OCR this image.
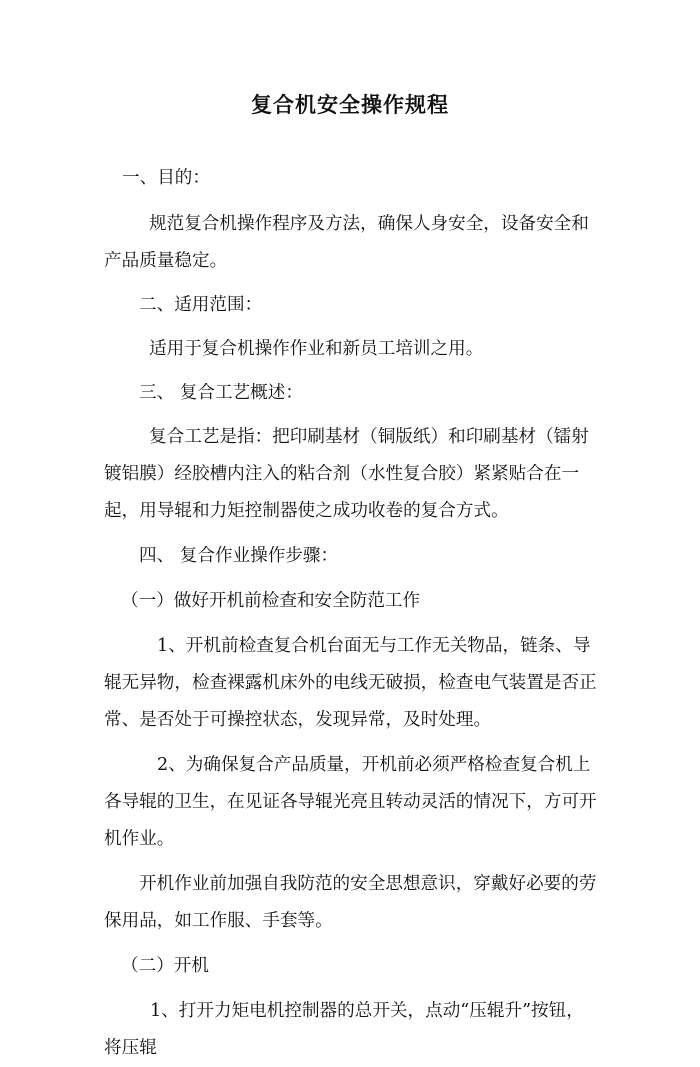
复合机安全操作规程

一、目的：

规范复合机操作程序及方法，确保人身安全，设备安全和产品质量稳定。

二、适用范围：

适用于复合机操作作业和新员工培训之用。

三、 复合工艺概述：

复合工艺是指：把印刷基材（铜版纸）和印刷基材（镭射镀铝膜）经胶槽内注入的粘合剂（水性复合胶）紧紧贴合在一起，用导辊和力矩控制器使之成功收卷的复合方式。

四、 复合作业操作步骤：

（一）做好开机前检查和安全防范工作

1、开机前检查复合机台面无与工作无关物品，链条、导辊无异物，检查裸露机床外的电线无破损，检查电气装置是否正常、是否处于可操控状态，发现异常，及时处理。

2、为确保复合产品质量，开机前必须严格检查复合机上各导辊的卫生，在见证各导辊光亮且转动灵活的情况下，方可开机作业。

开机作业前加强自我防范的安全思想意识，穿戴好必要的劳保用品，如工作服、手套等。

（二）开机

1、打开力矩电机控制器的总开关，点动“压辊升”按钮，将压辊
